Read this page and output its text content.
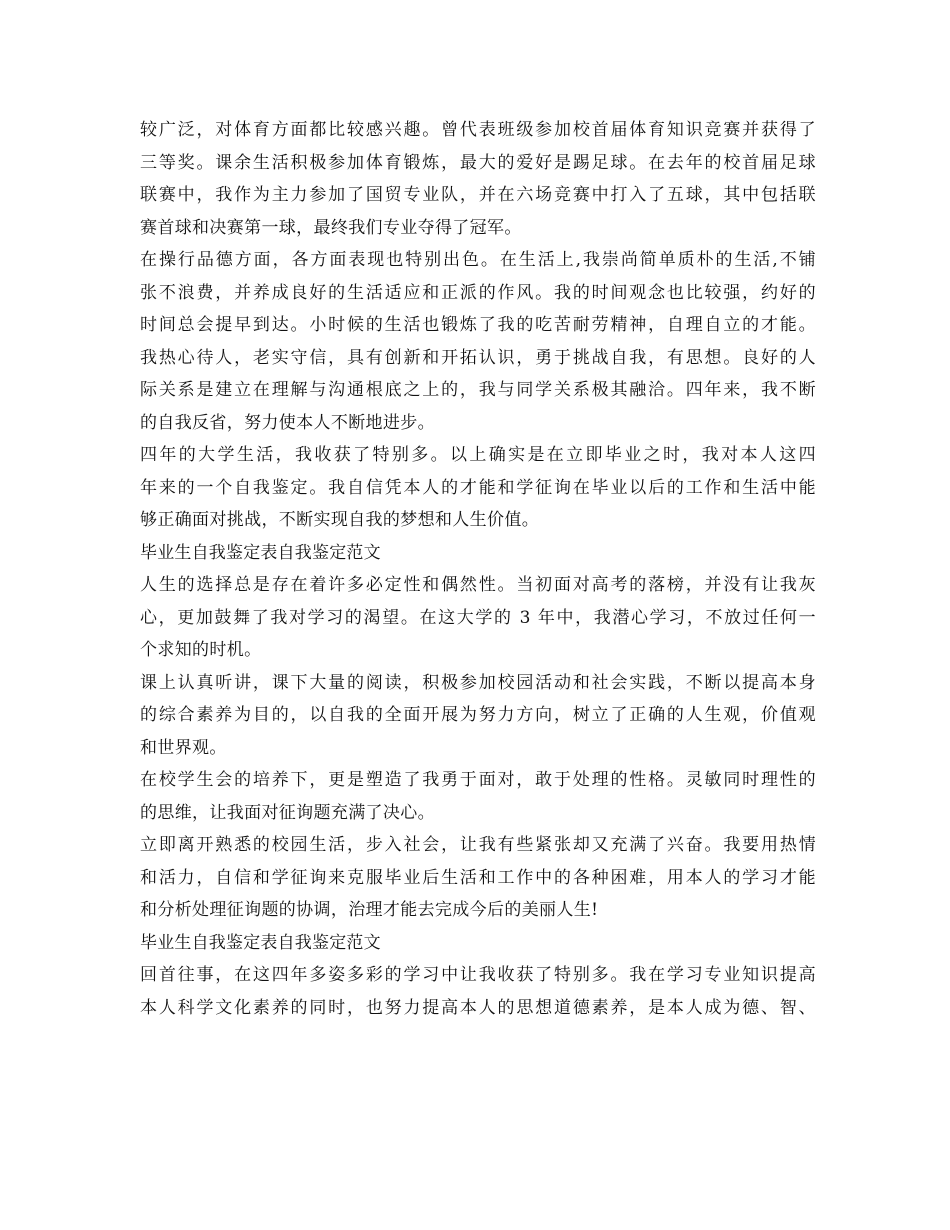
较广泛，对体育方面都比较感兴趣。曾代表班级参加校首届体育知识竞赛并获得了
三等奖。课余生活积极参加体育锻炼，最大的爱好是踢足球。在去年的校首届足球
联赛中，我作为主力参加了国贸专业队，并在六场竞赛中打入了五球，其中包括联
赛首球和决赛第一球，最终我们专业夺得了冠军。
在操行品德方面，各方面表现也特别出色。在生活上,我崇尚简单质朴的生活,不铺
张不浪费，并养成良好的生活适应和正派的作风。我的时间观念也比较强，约好的
时间总会提早到达。小时候的生活也锻炼了我的吃苦耐劳精神，自理自立的才能。
我热心待人，老实守信，具有创新和开拓认识，勇于挑战自我，有思想。良好的人
际关系是建立在理解与沟通根底之上的，我与同学关系极其融洽。四年来，我不断
的自我反省，努力使本人不断地进步。
四年的大学生活，我收获了特别多。以上确实是在立即毕业之时，我对本人这四
年来的一个自我鉴定。我自信凭本人的才能和学征询在毕业以后的工作和生活中能
够正确面对挑战，不断实现自我的梦想和人生价值。
毕业生自我鉴定表自我鉴定范文
人生的选择总是存在着许多必定性和偶然性。当初面对高考的落榜，并没有让我灰
心，更加鼓舞了我对学习的渴望。在这大学的 3 年中，我潜心学习，不放过任何一
个求知的时机。
课上认真听讲，课下大量的阅读，积极参加校园活动和社会实践，不断以提高本身
的综合素养为目的，以自我的全面开展为努力方向，树立了正确的人生观，价值观
和世界观。
在校学生会的培养下，更是塑造了我勇于面对，敢于处理的性格。灵敏同时理性的
的思维，让我面对征询题充满了决心。
立即离开熟悉的校园生活，步入社会，让我有些紧张却又充满了兴奋。我要用热情
和活力，自信和学征询来克服毕业后生活和工作中的各种困难，用本人的学习才能
和分析处理征询题的协调，治理才能去完成今后的美丽人生!
毕业生自我鉴定表自我鉴定范文
回首往事，在这四年多姿多彩的学习中让我收获了特别多。我在学习专业知识提高
本人科学文化素养的同时，也努力提高本人的思想道德素养，是本人成为德、智、
